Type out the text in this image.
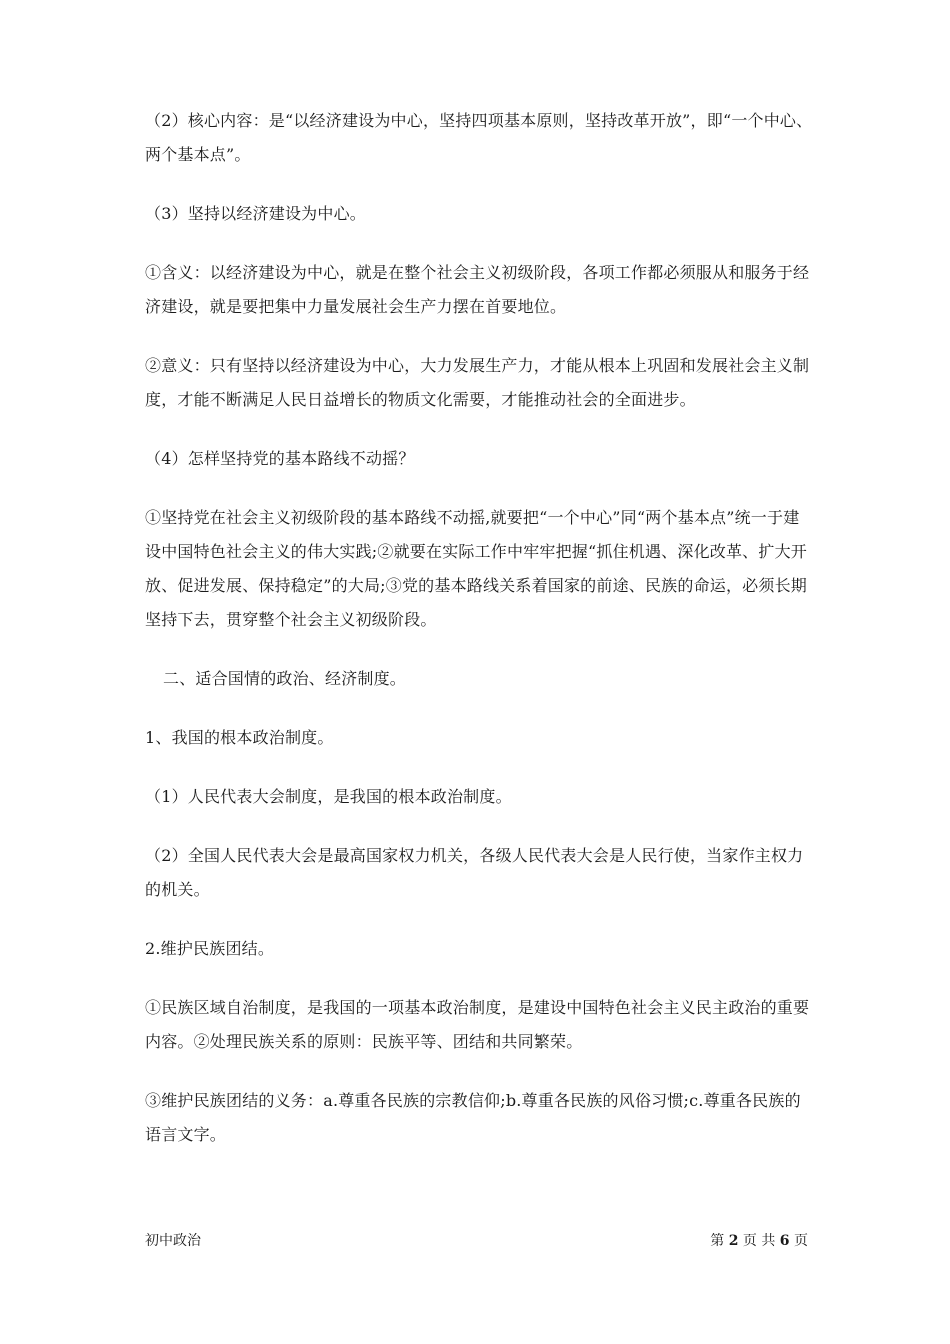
（2）核心内容：是“以经济建设为中心，坚持四项基本原则，坚持改革开放”，即“一个中心、两个基本点”。

（3）坚持以经济建设为中心。

①含义：以经济建设为中心，就是在整个社会主义初级阶段，各项工作都必须服从和服务于经济建设，就是要把集中力量发展社会生产力摆在首要地位。

②意义：只有坚持以经济建设为中心，大力发展生产力，才能从根本上巩固和发展社会主义制度，才能不断满足人民日益增长的物质文化需要，才能推动社会的全面进步。

（4）怎样坚持党的基本路线不动摇？

①坚持党在社会主义初级阶段的基本路线不动摇,就要把“一个中心”同“两个基本点”统一于建设中国特色社会主义的伟大实践;②就要在实际工作中牢牢把握“抓住机遇、深化改革、扩大开放、促进发展、保持稳定”的大局;③党的基本路线关系着国家的前途、民族的命运，必须长期坚持下去，贯穿整个社会主义初级阶段。

二、适合国情的政治、经济制度。

1、我国的根本政治制度。

（1）人民代表大会制度，是我国的根本政治制度。

（2）全国人民代表大会是最高国家权力机关，各级人民代表大会是人民行使，当家作主权力的机关。

2.维护民族团结。

①民族区域自治制度，是我国的一项基本政治制度，是建设中国特色社会主义民主政治的重要内容。②处理民族关系的原则：民族平等、团结和共同繁荣。

③维护民族团结的义务：a.尊重各民族的宗教信仰;b.尊重各民族的风俗习惯;c.尊重各民族的语言文字。

初中政治	第 2 页 共 6 页
